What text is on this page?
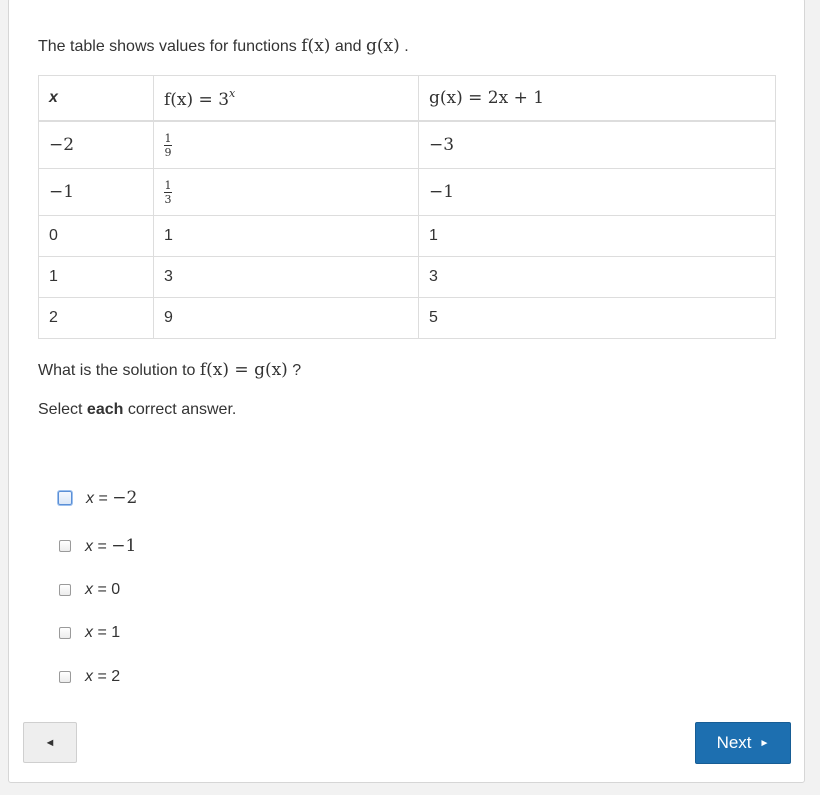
The table shows values for functions f(x) and g(x) .
x	$f(x) = 3^x$	g(x) = 2x + 1
−2	$\frac{1}{9}$	−3
−1	$\frac{1}{3}$	−1
0	1	1
1	3	3
2	9	5
What is the solution to f(x) = g(x) ?
Select each correct answer.
x = −2
x = −1
x = 0
x = 1
x = 2
◄	Next ►
